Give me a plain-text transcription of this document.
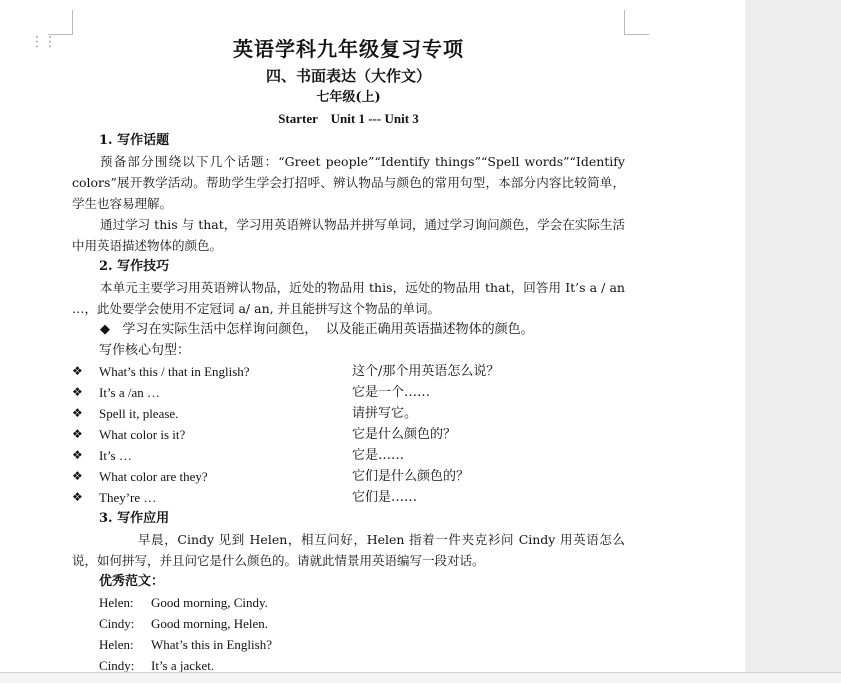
⋮⋮	英语学科九年级复习专项
四、书面表达（大作文）
七年级(上)
Starter    Unit 1 --- Unit 3
1. 写作话题
预备部分围绕以下几个话题：“Greet people”“Identify things”“Spell words”“Identify colors”展开教学活动。帮助学生学会打招呼、辨认物品与颜色的常用句型，本部分内容比较简单，学生也容易理解。
通过学习 this 与 that，学习用英语辨认物品并拼写单词，通过学习询问颜色，学会在实际生活中用英语描述物体的颜色。
2. 写作技巧
本单元主要学习用英语辨认物品，近处的物品用 this，远处的物品用 that，回答用 It’s a / an …，此处要学会使用不定冠词 a/ an, 并且能拼写这个物品的单词。
◆   学习在实际生活中怎样询问颜色，  以及能正确用英语描述物体的颜色。
写作核心句型：
❖ What’s this / that in English?	这个/那个用英语怎么说？
❖ It’s a /an …	它是一个……
❖ Spell it, please.	请拼写它。
❖ What color is it?	它是什么颜色的？
❖ It’s …	它是……
❖ What color are they?	它们是什么颜色的？
❖ They’re …	它们是……
3. 写作应用
早晨，Cindy 见到 Helen，相互问好，Helen 指着一件夹克衫问 Cindy 用英语怎么说，如何拼写，并且问它是什么颜色的。请就此情景用英语编写一段对话。
优秀范文：
Helen: Good morning, Cindy.
Cindy: Good morning, Helen.
Helen: What’s this in English?
Cindy: It’s a jacket.
